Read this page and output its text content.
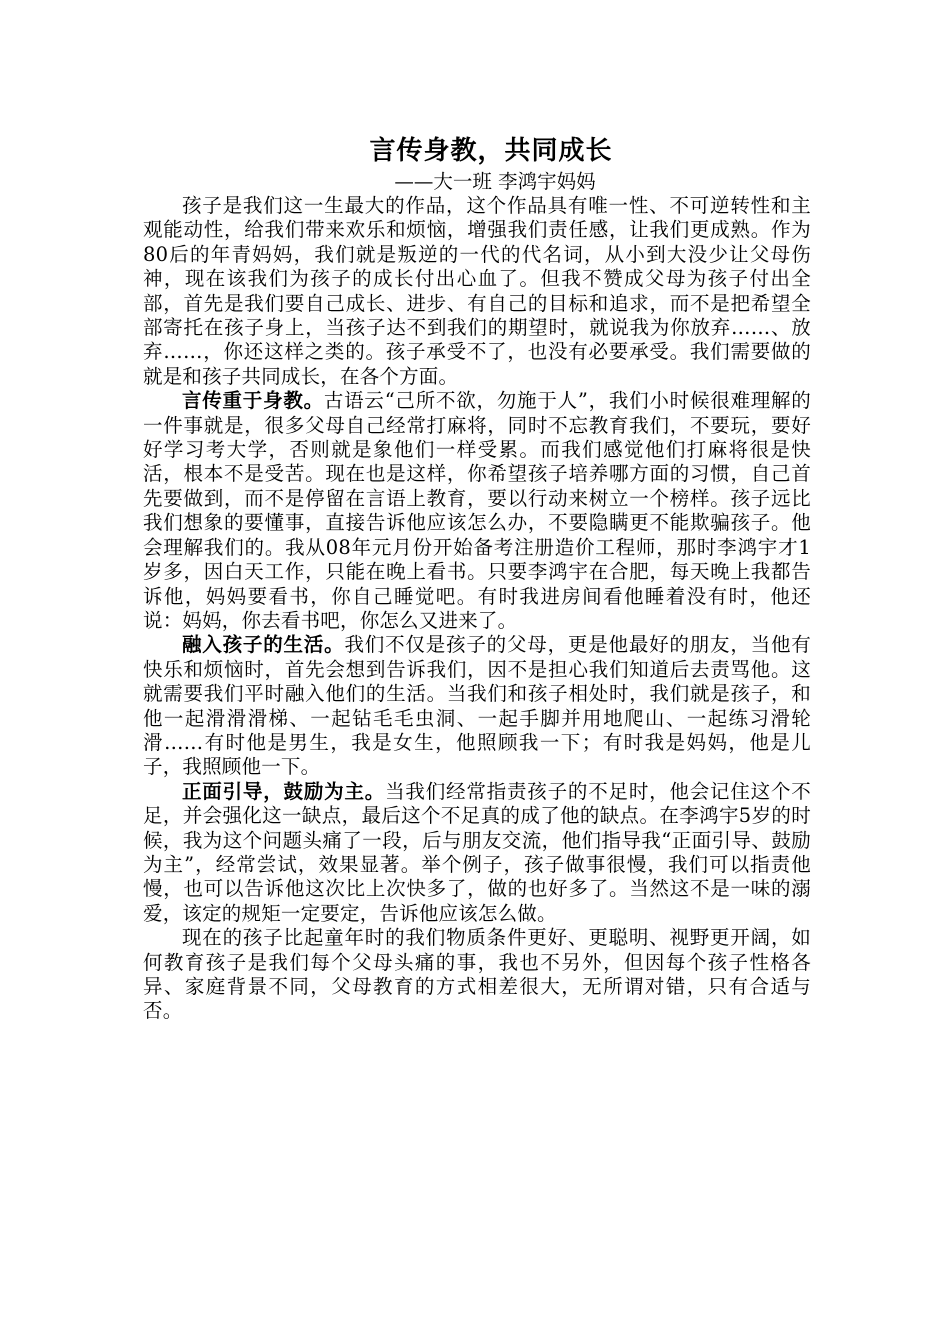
言传身教，共同成长
——大一班 李鸿宇妈妈

孩子是我们这一生最大的作品，这个作品具有唯一性、不可逆转性和主观能动性，给我们带来欢乐和烦恼，增强我们责任感，让我们更成熟。作为80后的年青妈妈，我们就是叛逆的一代的代名词，从小到大没少让父母伤神，现在该我们为孩子的成长付出心血了。但我不赞成父母为孩子付出全部，首先是我们要自己成长、进步、有自己的目标和追求，而不是把希望全部寄托在孩子身上，当孩子达不到我们的期望时，就说我为你放弃……、放弃……，你还这样之类的。孩子承受不了，也没有必要承受。我们需要做的就是和孩子共同成长，在各个方面。

言传重于身教。古语云“己所不欲，勿施于人”，我们小时候很难理解的一件事就是，很多父母自己经常打麻将，同时不忘教育我们，不要玩，要好好学习考大学，否则就是象他们一样受累。而我们感觉他们打麻将很是快活，根本不是受苦。现在也是这样，你希望孩子培养哪方面的习惯，自己首先要做到，而不是停留在言语上教育，要以行动来树立一个榜样。孩子远比我们想象的要懂事，直接告诉他应该怎么办，不要隐瞒更不能欺骗孩子。他会理解我们的。我从08年元月份开始备考注册造价工程师，那时李鸿宇才1岁多，因白天工作，只能在晚上看书。只要李鸿宇在合肥，每天晚上我都告诉他，妈妈要看书，你自己睡觉吧。有时我进房间看他睡着没有时，他还说：妈妈，你去看书吧，你怎么又进来了。

融入孩子的生活。我们不仅是孩子的父母，更是他最好的朋友，当他有快乐和烦恼时，首先会想到告诉我们，因不是担心我们知道后去责骂他。这就需要我们平时融入他们的生活。当我们和孩子相处时，我们就是孩子，和他一起滑滑滑梯、一起钻毛毛虫洞、一起手脚并用地爬山、一起练习滑轮滑……有时他是男生，我是女生，他照顾我一下；有时我是妈妈，他是儿子，我照顾他一下。

正面引导，鼓励为主。当我们经常指责孩子的不足时，他会记住这个不足，并会强化这一缺点，最后这个不足真的成了他的缺点。在李鸿宇5岁的时候，我为这个问题头痛了一段，后与朋友交流，他们指导我“正面引导、鼓励为主”，经常尝试，效果显著。举个例子，孩子做事很慢，我们可以指责他慢，也可以告诉他这次比上次快多了，做的也好多了。当然这不是一味的溺爱，该定的规矩一定要定，告诉他应该怎么做。

现在的孩子比起童年时的我们物质条件更好、更聪明、视野更开阔，如何教育孩子是我们每个父母头痛的事，我也不另外，但因每个孩子性格各异、家庭背景不同，父母教育的方式相差很大，无所谓对错，只有合适与否。
